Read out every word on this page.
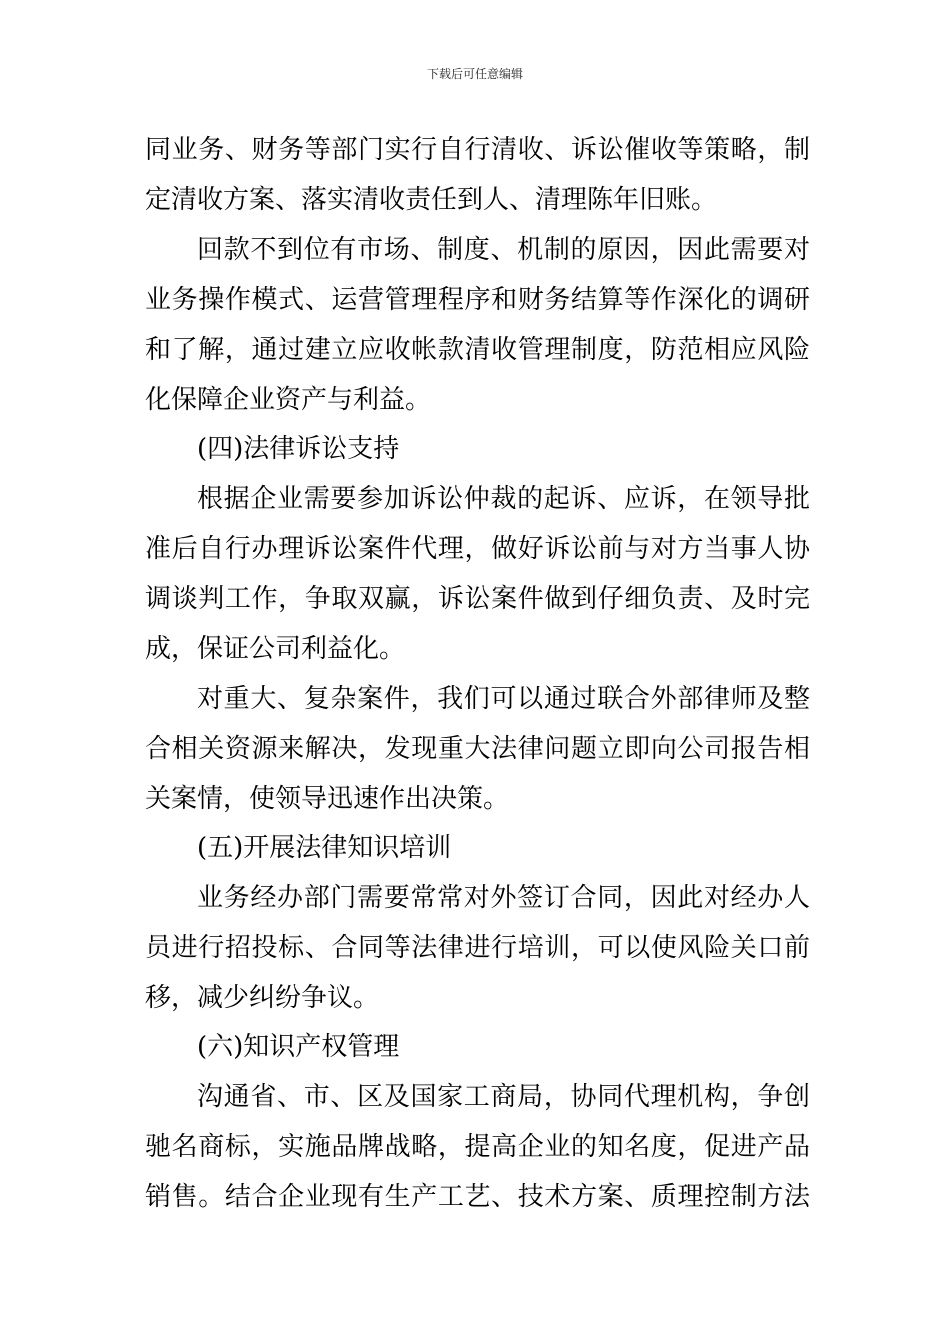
下载后可任意编辑
同业务、财务等部门实行自行清收、诉讼催收等策略，制
定清收方案、落实清收责任到人、清理陈年旧账。
回款不到位有市场、制度、机制的原因，因此需要对
业务操作模式、运营管理程序和财务结算等作深化的调研
和了解，通过建立应收帐款清收管理制度，防范相应风险
化保障企业资产与利益。
(四)法律诉讼支持
根据企业需要参加诉讼仲裁的起诉、应诉，在领导批
准后自行办理诉讼案件代理，做好诉讼前与对方当事人协
调谈判工作，争取双赢，诉讼案件做到仔细负责、及时完
成，保证公司利益化。
对重大、复杂案件，我们可以通过联合外部律师及整
合相关资源来解决，发现重大法律问题立即向公司报告相
关案情，使领导迅速作出决策。
(五)开展法律知识培训
业务经办部门需要常常对外签订合同，因此对经办人
员进行招投标、合同等法律进行培训，可以使风险关口前
移，减少纠纷争议。
(六)知识产权管理
沟通省、市、区及国家工商局，协同代理机构，争创
驰名商标，实施品牌战略，提高企业的知名度，促进产品
销售。结合企业现有生产工艺、技术方案、质理控制方法
